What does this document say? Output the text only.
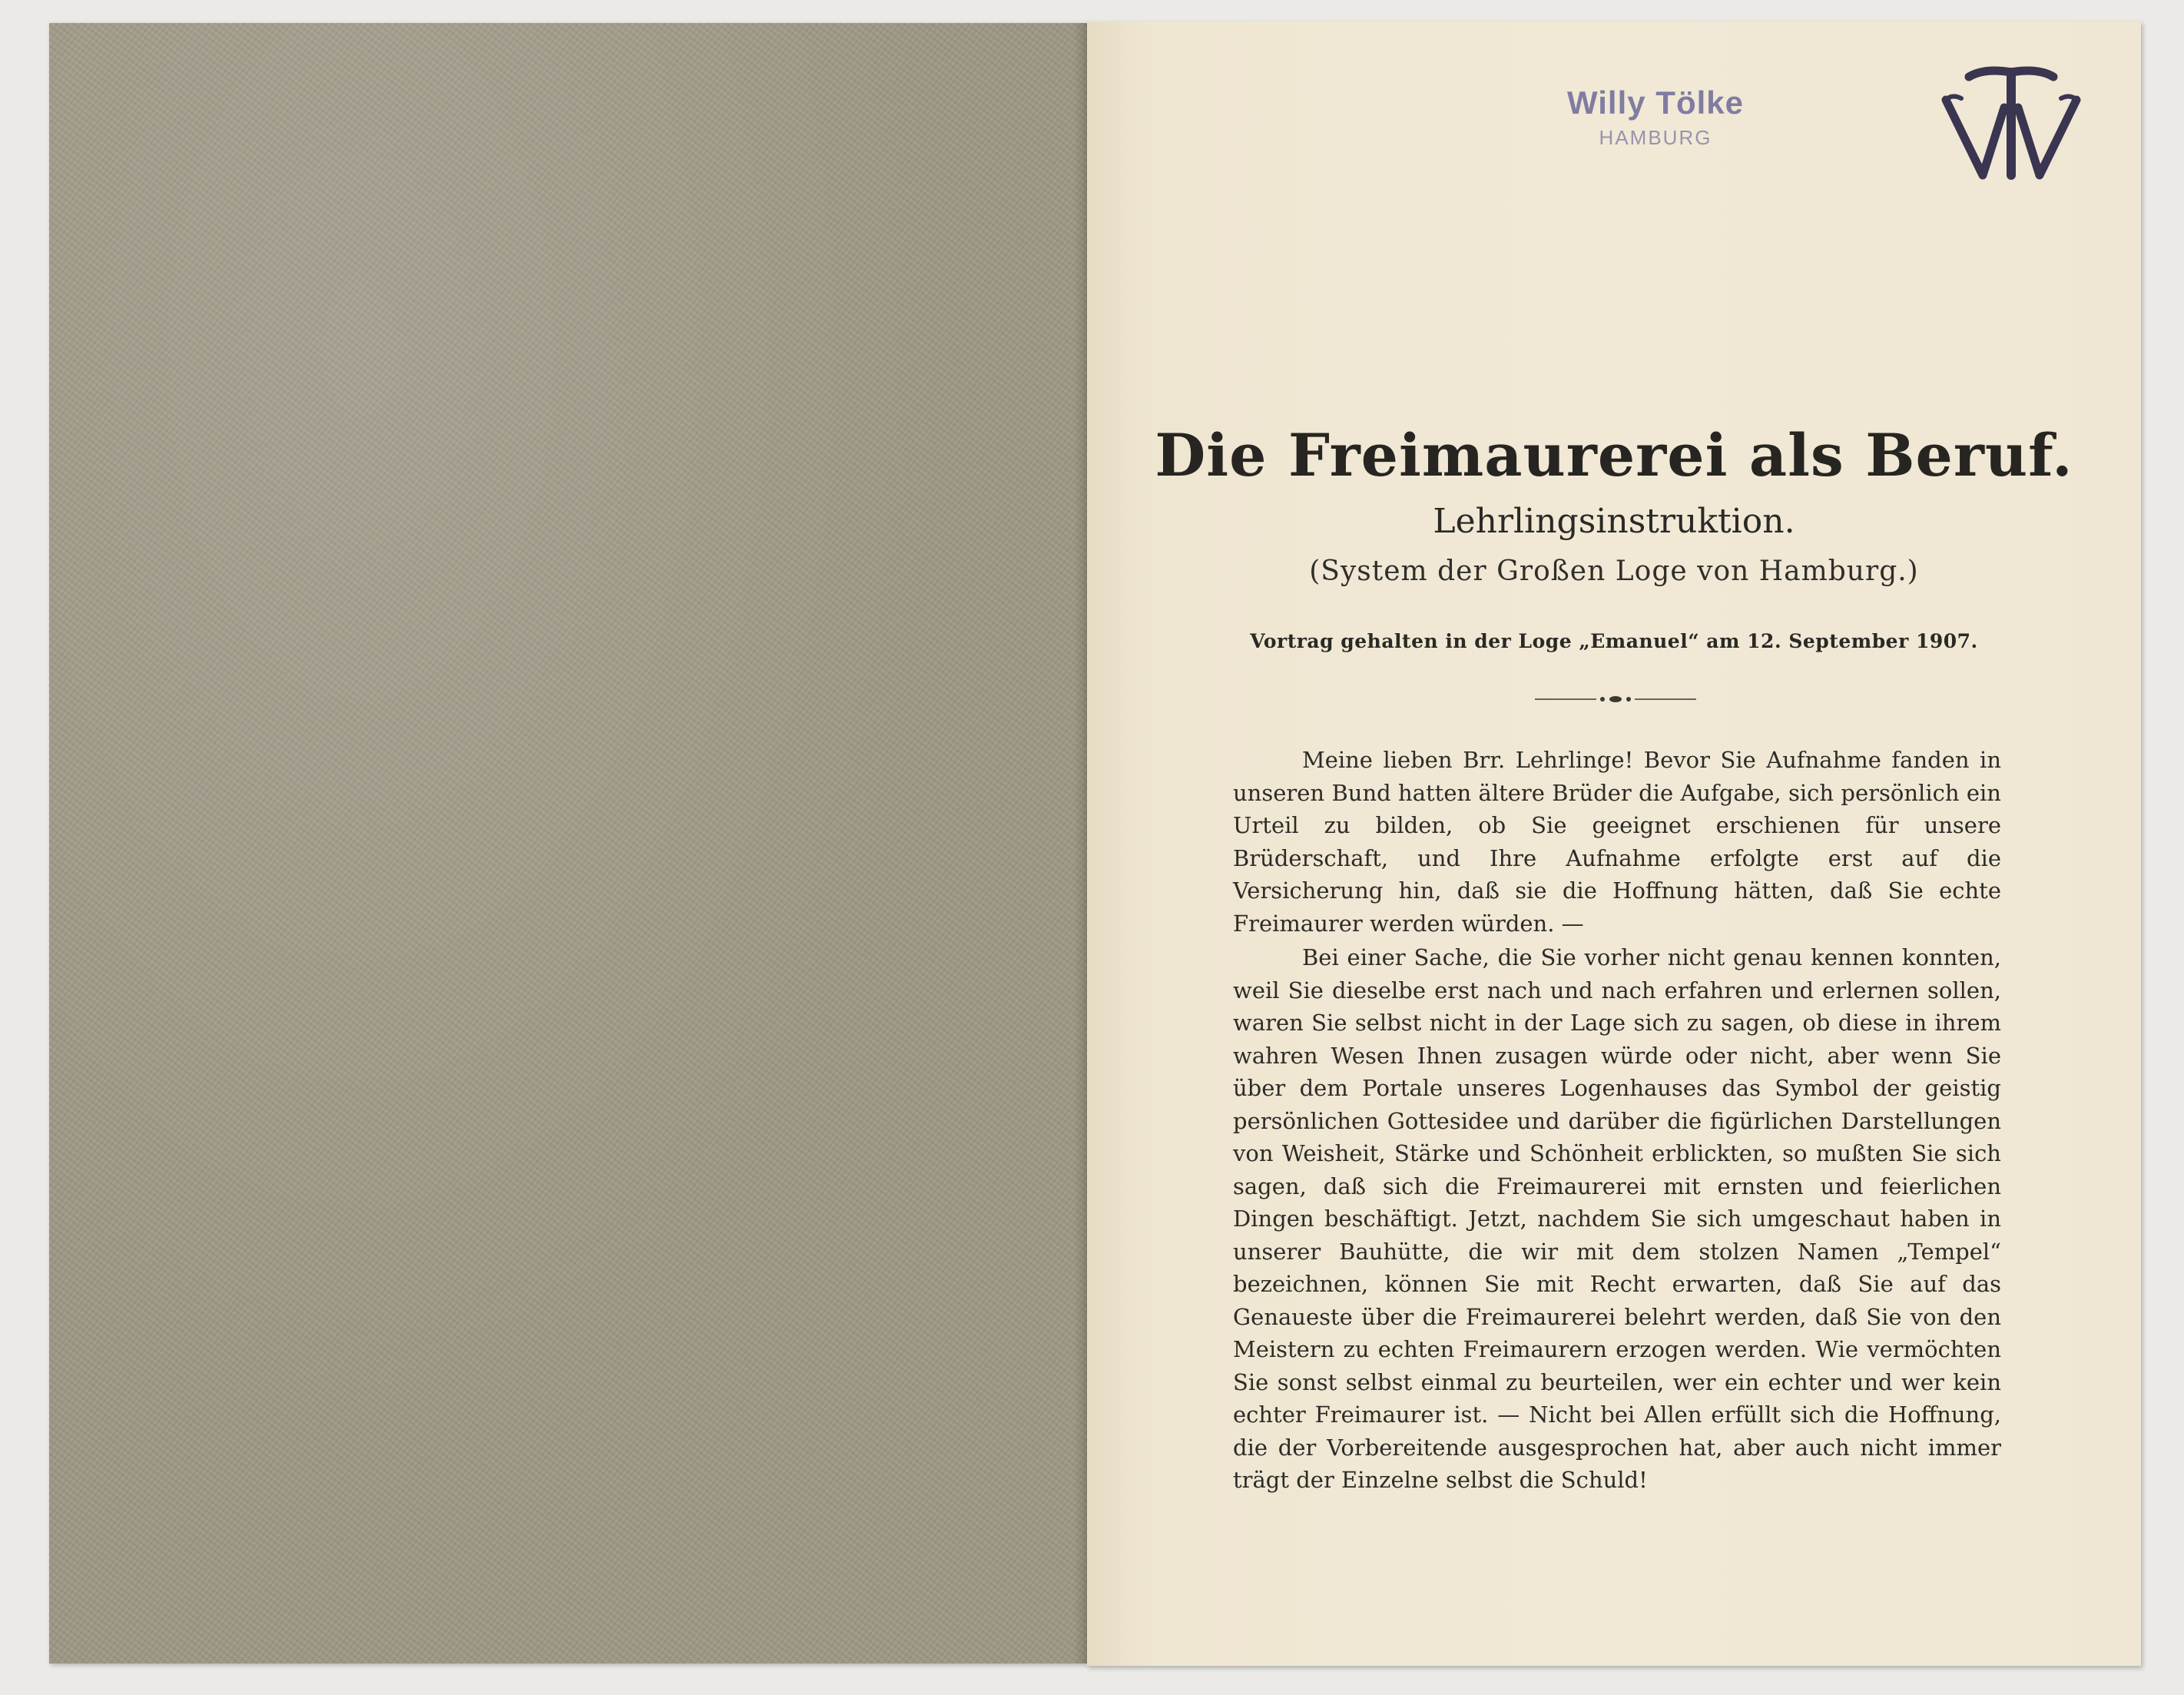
Willy Tölke
HAMBURG
Die Freimaurerei als Beruf.
Lehrlingsinstruktion.
(System der Großen Loge von Hamburg.)
Vortrag gehalten in der Loge „Emanuel“ am 12. September 1907.

Meine lieben Brr. Lehrlinge! Bevor Sie Aufnahme fanden in unseren Bund hatten ältere Brüder die Aufgabe, sich persönlich ein Urteil zu bilden, ob Sie geeignet erschienen für unsere Brüderschaft, und Ihre Aufnahme erfolgte erst auf die Versicherung hin, daß sie die Hoffnung hätten, daß Sie echte Freimaurer werden würden. —

Bei einer Sache, die Sie vorher nicht genau kennen konnten, weil Sie dieselbe erst nach und nach erfahren und erlernen sollen, waren Sie selbst nicht in der Lage sich zu sagen, ob diese in ihrem wahren Wesen Ihnen zusagen würde oder nicht, aber wenn Sie über dem Portale unseres Logenhauses das Symbol der geistig persönlichen Gottesidee und darüber die figürlichen Darstellungen von Weisheit, Stärke und Schönheit erblickten, so mußten Sie sich sagen, daß sich die Freimaurerei mit ernsten und feierlichen Dingen beschäftigt. Jetzt, nachdem Sie sich umgeschaut haben in unserer Bauhütte, die wir mit dem stolzen Namen „Tempel“ bezeichnen, können Sie mit Recht erwarten, daß Sie auf das Genaueste über die Freimaurerei belehrt werden, daß Sie von den Meistern zu echten Freimaurern erzogen werden. Wie vermöchten Sie sonst selbst einmal zu beurteilen, wer ein echter und wer kein echter Freimaurer ist. — Nicht bei Allen erfüllt sich die Hoffnung, die der Vorbereitende ausgesprochen hat, aber auch nicht immer trägt der Einzelne selbst die Schuld!
